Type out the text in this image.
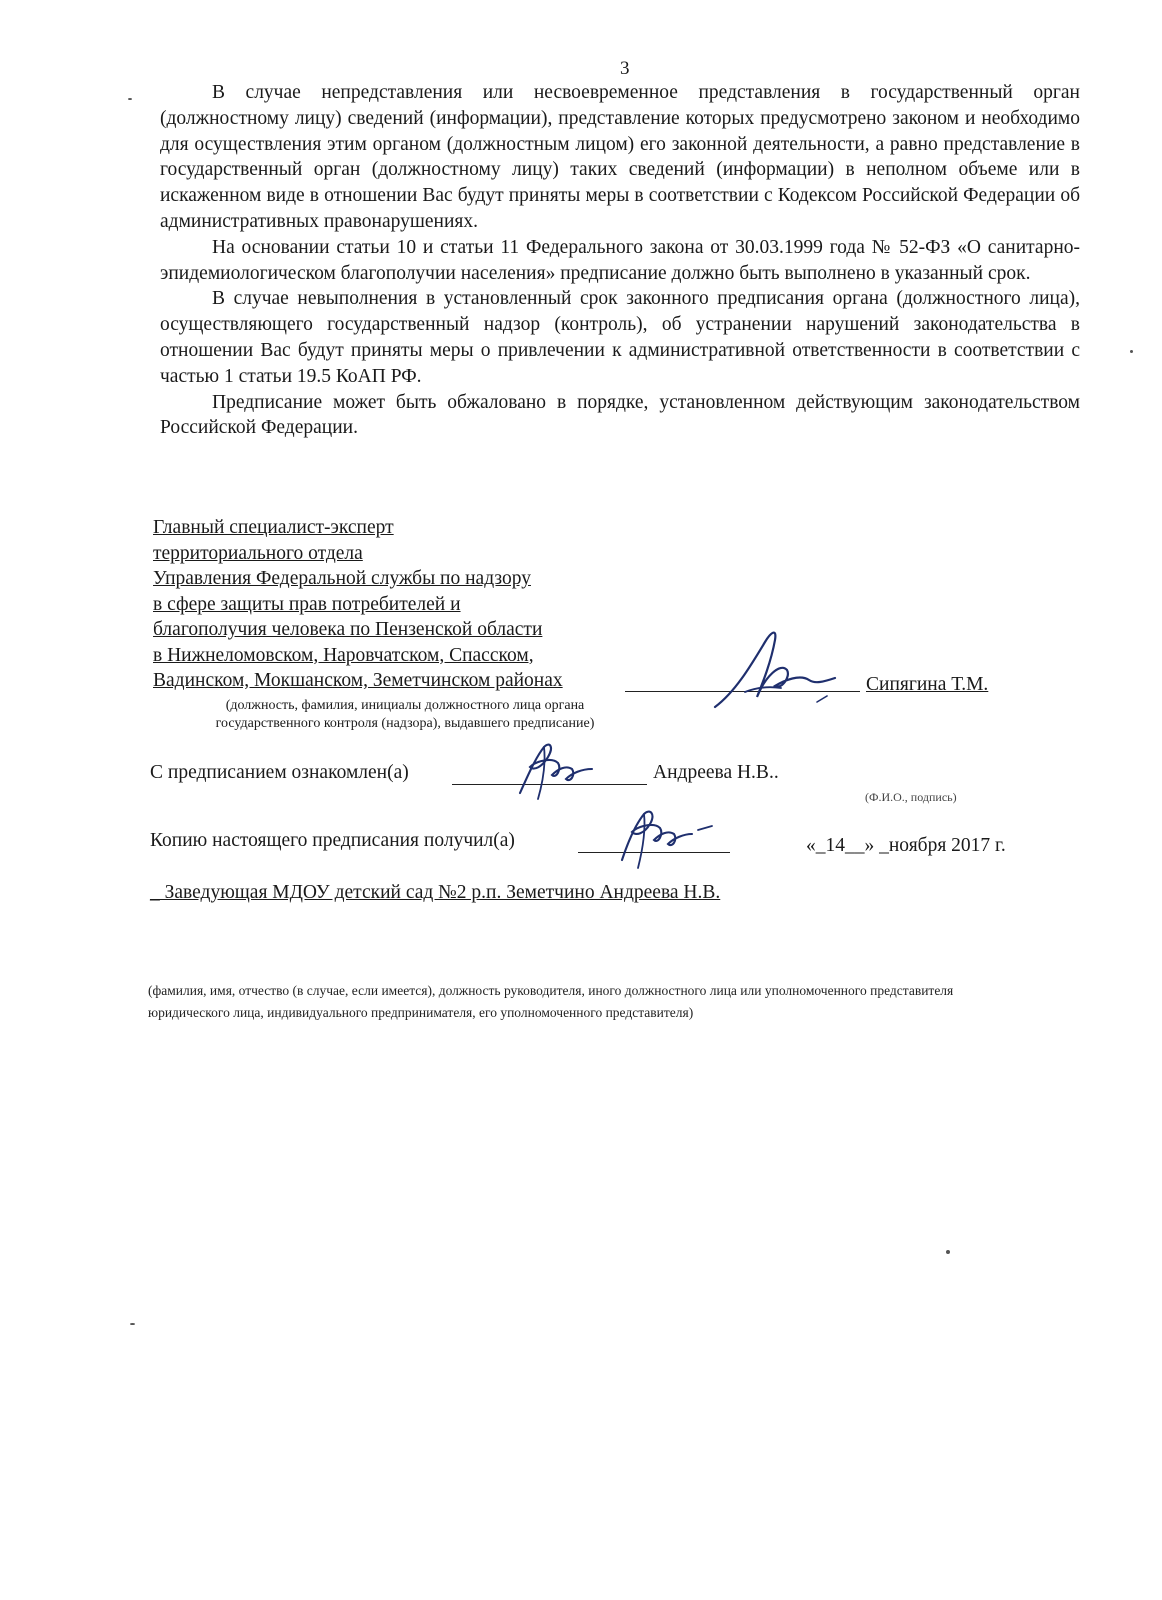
3

В случае непредставления или несвоевременное представления в государственный орган (должностному лицу) сведений (информации), представление которых предусмотрено законом и необходимо для осуществления этим органом (должностным лицом) его законной деятельности, а равно представление в государственный орган (должностному лицу) таких сведений (информации) в неполном объеме или в искаженном виде в отношении Вас будут приняты меры в соответствии с Кодексом Российской Федерации об административных правонарушениях.

На основании статьи 10 и статьи 11 Федерального закона от 30.03.1999 года № 52-ФЗ «О санитарно-эпидемиологическом благополучии населения» предписание должно быть выполнено в указанный срок.

В случае невыполнения в установленный срок законного предписания органа (должностного лица), осуществляющего государственный надзор (контроль), об устранении нарушений законодательства в отношении Вас будут приняты меры о привлечении к административной ответственности в соответствии с частью 1 статьи 19.5 КоАП РФ.

Предписание может быть обжаловано в порядке, установленном действующим законодательством Российской Федерации.

Главный специалист-эксперт
территориального отдела
Управления Федеральной службы по надзору
в сфере защиты прав потребителей и
благополучия человека по Пензенской области
в Нижнеломовском, Наровчатском, Спасском,
Вадинском, Мокшанском, Земетчинском районах	Сипягина Т.М.
(должность, фамилия, инициалы должностного лица органа
государственного контроля (надзора), выдавшего предписание)
С предписанием ознакомлен(а)	Андреева Н.В..
(Ф.И.О., подпись)
Копию настоящего предписания получил(а)	«_14__» _ноября 2017 г.
_ Заведующая МДОУ детский сад №2 р.п. Земетчино Андреева Н.В.
(фамилия, имя, отчество (в случае, если имеется), должность руководителя, иного должностного лица или уполномоченного представителя
юридического лица, индивидуального предпринимателя, его уполномоченного представителя)
